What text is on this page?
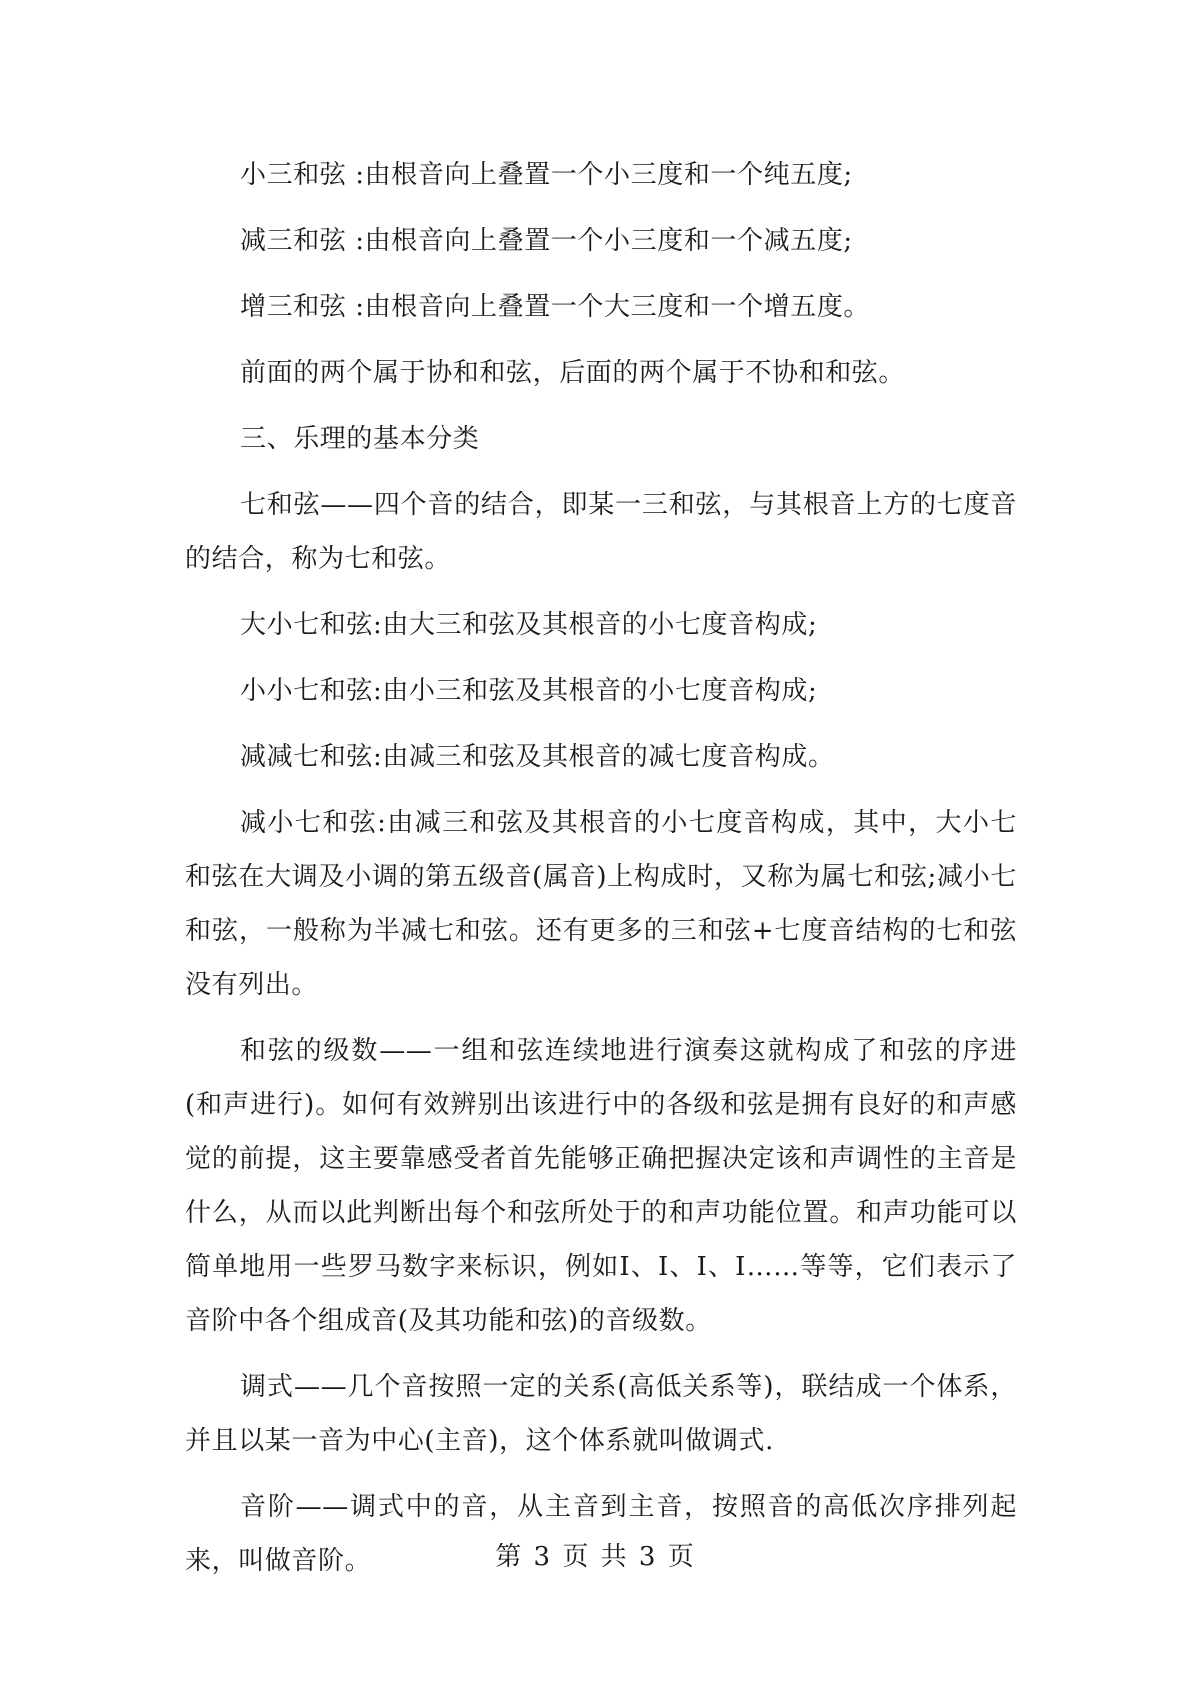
小三和弦 :由根音向上叠置一个小三度和一个纯五度;

减三和弦 :由根音向上叠置一个小三度和一个减五度;

增三和弦 :由根音向上叠置一个大三度和一个增五度。

前面的两个属于协和和弦，后面的两个属于不协和和弦。

三、乐理的基本分类

七和弦——四个音的结合，即某一三和弦，与其根音上方的七度音的结合，称为七和弦。

大小七和弦:由大三和弦及其根音的小七度音构成;

小小七和弦:由小三和弦及其根音的小七度音构成;

减减七和弦:由减三和弦及其根音的减七度音构成。

减小七和弦:由减三和弦及其根音的小七度音构成，其中，大小七和弦在大调及小调的第五级音(属音)上构成时，又称为属七和弦;减小七和弦，一般称为半减七和弦。还有更多的三和弦+七度音结构的七和弦没有列出。

和弦的级数——一组和弦连续地进行演奏这就构成了和弦的序进(和声进行)。如何有效辨别出该进行中的各级和弦是拥有良好的和声感觉的前提，这主要靠感受者首先能够正确把握决定该和声调性的主音是什么，从而以此判断出每个和弦所处于的和声功能位置。和声功能可以简单地用一些罗马数字来标识，例如Ⅰ、Ⅰ、Ⅰ、Ⅰ……等等，它们表示了音阶中各个组成音(及其功能和弦)的音级数。

调式——几个音按照一定的关系(高低关系等)，联结成一个体系，并且以某一音为中心(主音)，这个体系就叫做调式.

音阶——调式中的音，从主音到主音，按照音的高低次序排列起来，叫做音阶。	第 3 页 共 3 页
